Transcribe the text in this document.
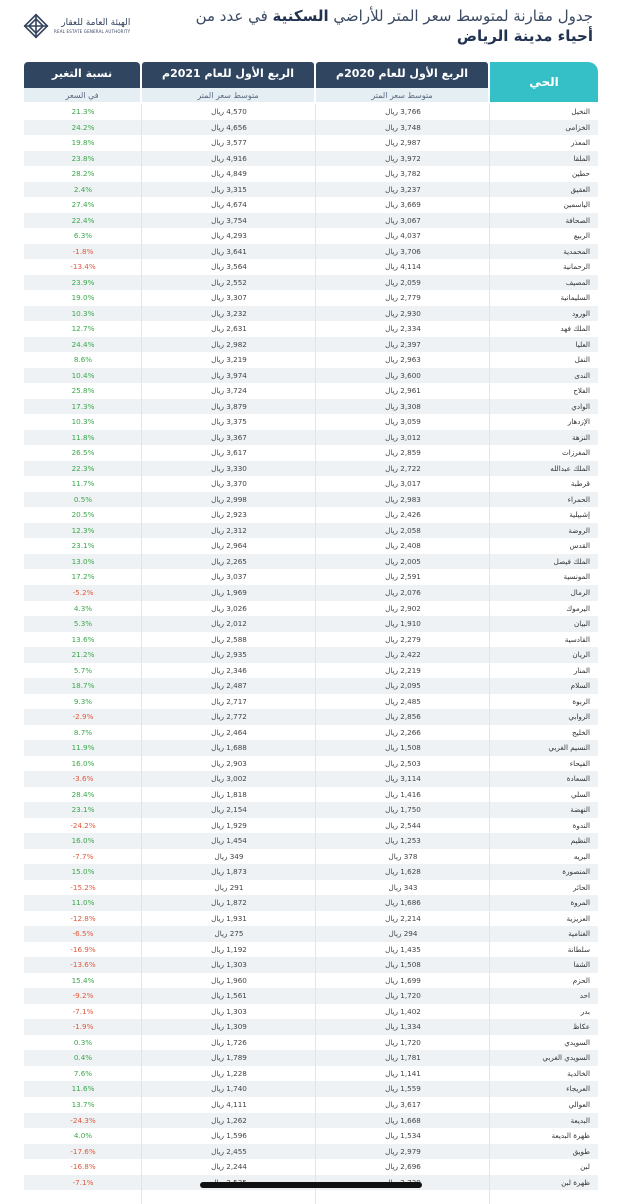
جدول مقارنة لمتوسط سعر المتر للأراضي السكنية في عدد من
أحياء مدينة الرياض
الهيئة العامة للعقار
REAL ESTATE GENERAL AUTHORITY
نسبة التغير
في السعر
الربع الأول للعام 2021م
متوسط سعر المتر
الربع الأول للعام 2020م
متوسط سعر المتر
الحي
21.3%	4,570 ريال	3,766 ريال	النخيل
24.2%	4,656 ريال	3,748 ريال	الخزامى
19.8%	3,577 ريال	2,987 ريال	المعذر
23.8%	4,916 ريال	3,972 ريال	الملقا
28.2%	4,849 ريال	3,782 ريال	حطين
2.4%	3,315 ريال	3,237 ريال	العقيق
27.4%	4,674 ريال	3,669 ريال	الياسمين
22.4%	3,754 ريال	3,067 ريال	الصحافة
6.3%	4,293 ريال	4,037 ريال	الربيع
-1.8%	3,641 ريال	3,706 ريال	المحمدية
-13.4%	3,564 ريال	4,114 ريال	الرحمانية
23.9%	2,552 ريال	2,059 ريال	المصيف
19.0%	3,307 ريال	2,779 ريال	السليمانية
10.3%	3,232 ريال	2,930 ريال	الورود
12.7%	2,631 ريال	2,334 ريال	الملك فهد
24.4%	2,982 ريال	2,397 ريال	العليا
8.6%	3,219 ريال	2,963 ريال	النفل
10.4%	3,974 ريال	3,600 ريال	الندى
25.8%	3,724 ريال	2,961 ريال	الفلاح
17.3%	3,879 ريال	3,308 ريال	الوادي
10.3%	3,375 ريال	3,059 ريال	الإزدهار
11.8%	3,367 ريال	3,012 ريال	النزهة
26.5%	3,617 ريال	2,859 ريال	المغرزات
22.3%	3,330 ريال	2,722 ريال	الملك عبدالله
11.7%	3,370 ريال	3,017 ريال	قرطبة
0.5%	2,998 ريال	2,983 ريال	الحمراء
20.5%	2,923 ريال	2,426 ريال	إشبيلية
12.3%	2,312 ريال	2,058 ريال	الروضة
23.1%	2,964 ريال	2,408 ريال	القدس
13.0%	2,265 ريال	2,005 ريال	الملك فيصل
17.2%	3,037 ريال	2,591 ريال	المونسية
-5.2%	1,969 ريال	2,076 ريال	الرمال
4.3%	3,026 ريال	2,902 ريال	اليرموك
5.3%	2,012 ريال	1,910 ريال	البيان
13.6%	2,588 ريال	2,279 ريال	القادسية
21.2%	2,935 ريال	2,422 ريال	الريان
5.7%	2,346 ريال	2,219 ريال	المنار
18.7%	2,487 ريال	2,095 ريال	السلام
9.3%	2,717 ريال	2,485 ريال	الربوة
-2.9%	2,772 ريال	2,856 ريال	الروابي
8.7%	2,464 ريال	2,266 ريال	الخليج
11.9%	1,688 ريال	1,508 ريال	النسيم الغربي
16.0%	2,903 ريال	2,503 ريال	الفيحاء
-3.6%	3,002 ريال	3,114 ريال	السعادة
28.4%	1,818 ريال	1,416 ريال	السلي
23.1%	2,154 ريال	1,750 ريال	النهضة
-24.2%	1,929 ريال	2,544 ريال	الندوة
16.0%	1,454 ريال	1,253 ريال	النظيم
-7.7%	349 ريال	378 ريال	البريه
15.0%	1,873 ريال	1,628 ريال	المنصورة
-15.2%	291 ريال	343 ريال	الحائر
11.0%	1,872 ريال	1,686 ريال	المروة
-12.8%	1,931 ريال	2,214 ريال	العزيزية
-6.5%	275 ريال	294 ريال	الغنامية
-16.9%	1,192 ريال	1,435 ريال	سلطانة
-13.6%	1,303 ريال	1,508 ريال	الشفا
15.4%	1,960 ريال	1,699 ريال	الحزم
-9.2%	1,561 ريال	1,720 ريال	احد
-7.1%	1,303 ريال	1,402 ريال	بدر
-1.9%	1,309 ريال	1,334 ريال	عكاظ
0.3%	1,726 ريال	1,720 ريال	السويدي
0.4%	1,789 ريال	1,781 ريال	السويدي الغربي
7.6%	1,228 ريال	1,141 ريال	الخالدية
11.6%	1,740 ريال	1,559 ريال	العريجاء
13.7%	4,111 ريال	3,617 ريال	العوالي
-24.3%	1,262 ريال	1,668 ريال	البديعة
4.0%	1,596 ريال	1,534 ريال	ظهرة البديعة
-17.6%	2,455 ريال	2,979 ريال	طويق
-16.8%	2,244 ريال	2,696 ريال	لبن
-7.1%	ظهرة لبن
